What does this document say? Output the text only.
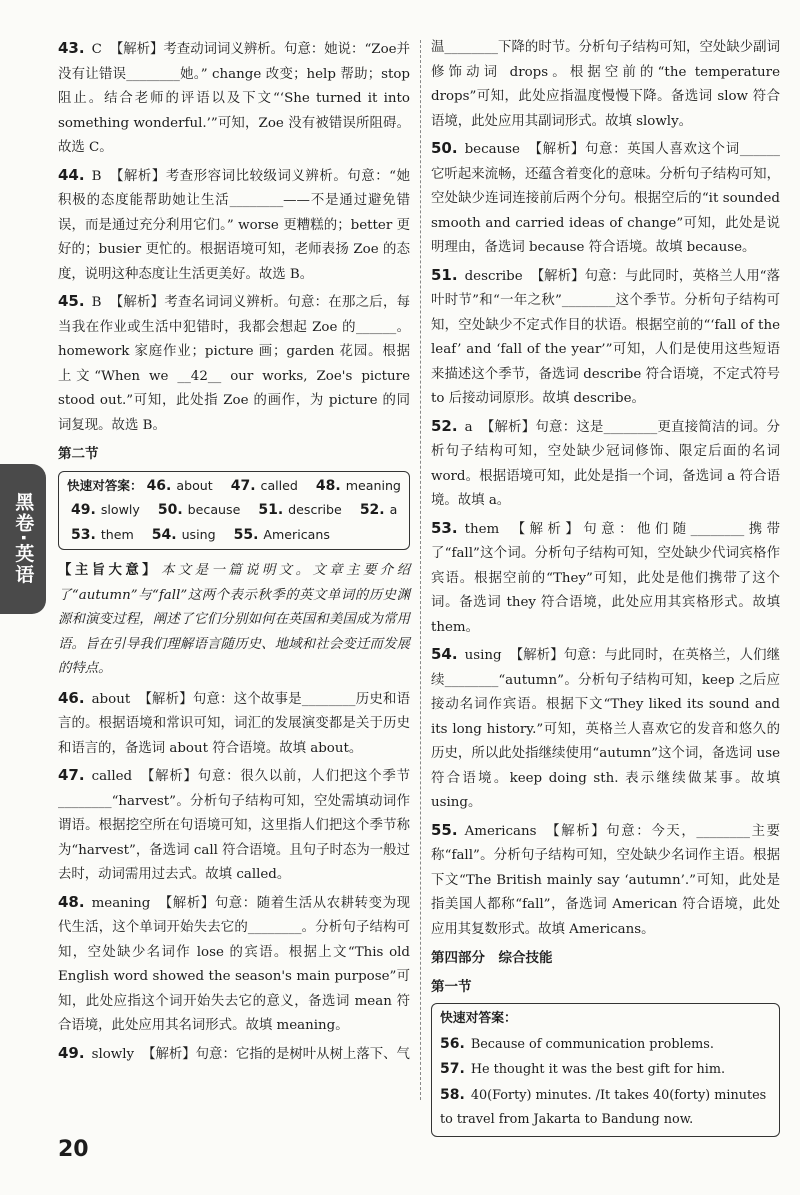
黑卷·英语
43. C 【解析】考查动词词义辨析。句意：她说：“Zoe并没有让错误________她。” change 改变；help 帮助；stop 阻止。结合老师的评语以及下文“‘She turned it into something wonderful.’”可知，Zoe 没有被错误所阻碍。故选 C。
44. B 【解析】考查形容词比较级词义辨析。句意：“她积极的态度能帮助她让生活________——不是通过避免错误，而是通过充分利用它们。” worse 更糟糕的；better 更好的；busier 更忙的。根据语境可知，老师表扬 Zoe 的态度，说明这种态度让生活更美好。故选 B。
45. B 【解析】考查名词词义辨析。句意：在那之后，每当我在作业或生活中犯错时，我都会想起 Zoe 的______。homework 家庭作业；picture 画；garden 花园。根据上文“When we __42__ our works, Zoe's picture stood out.”可知，此处指 Zoe 的画作，为 picture 的同词复现。故选 B。
第二节
快速对答案： 46. about 47. called 48. meaning
49. slowly 50. because 51. describe 52. a
53. them 54. using 55. Americans
【主旨大意】 本文是一篇说明文。文章主要介绍了“autumn”与“fall”这两个表示秋季的英文单词的历史渊源和演变过程，阐述了它们分别如何在英国和美国成为常用语。旨在引导我们理解语言随历史、地域和社会变迁而发展的特点。
46. about 【解析】句意：这个故事是________历史和语言的。根据语境和常识可知，词汇的发展演变都是关于历史和语言的，备选词 about 符合语境。故填 about。
47. called 【解析】句意：很久以前，人们把这个季节________“harvest”。分析句子结构可知，空处需填动词作谓语。根据挖空所在句语境可知，这里指人们把这个季节称为“harvest”，备选词 call 符合语境。且句子时态为一般过去时，动词需用过去式。故填 called。
48. meaning 【解析】句意：随着生活从农耕转变为现代生活，这个单词开始失去它的________。分析句子结构可知，空处缺少名词作 lose 的宾语。根据上文“This old English word showed the season's main purpose”可知，此处应指这个词开始失去它的意义，备选词 mean 符合语境，此处应用其名词形式。故填 meaning。
49. slowly 【解析】句意：它指的是树叶从树上落下、气
温________下降的时节。分析句子结构可知，空处缺少副词修饰动词 drops。根据空前的“the temperature drops”可知，此处应指温度慢慢下降。备选词 slow 符合语境，此处应用其副词形式。故填 slowly。
50. because 【解析】句意：英国人喜欢这个词______它听起来流畅，还蕴含着变化的意味。分析句子结构可知，空处缺少连词连接前后两个分句。根据空后的“it sounded smooth and carried ideas of change”可知，此处是说明理由，备选词 because 符合语境。故填 because。
51. describe 【解析】句意：与此同时，英格兰人用“落叶时节”和“一年之秋”________这个季节。分析句子结构可知，空处缺少不定式作目的状语。根据空前的“‘fall of the leaf’ and ‘fall of the year’”可知，人们是使用这些短语来描述这个季节，备选词 describe 符合语境，不定式符号 to 后接动词原形。故填 describe。
52. a 【解析】句意：这是________更直接简洁的词。分析句子结构可知，空处缺少冠词修饰、限定后面的名词 word。根据语境可知，此处是指一个词，备选词 a 符合语境。故填 a。
53. them 【解析】句意：他们随________携带了“fall”这个词。分析句子结构可知，空处缺少代词宾格作宾语。根据空前的“They”可知，此处是他们携带了这个词。备选词 they 符合语境，此处应用其宾格形式。故填 them。
54. using 【解析】句意：与此同时，在英格兰，人们继续________“autumn”。分析句子结构可知，keep 之后应接动名词作宾语。根据下文“They liked its sound and its long history.”可知，英格兰人喜欢它的发音和悠久的历史，所以此处指继续使用“autumn”这个词，备选词 use 符合语境。keep doing sth. 表示继续做某事。故填 using。
55. Americans 【解析】句意：今天，________主要称“fall”。分析句子结构可知，空处缺少名词作主语。根据下文“The British mainly say ‘autumn’.”可知，此处是指美国人都称“fall”，备选词 American 符合语境，此处应用其复数形式。故填 Americans。
第四部分　综合技能
第一节
快速对答案：
56. Because of communication problems.
57. He thought it was the best gift for him.
58. 40(Forty) minutes. /It takes 40(forty) minutes to travel from Jakarta to Bandung now.
20
